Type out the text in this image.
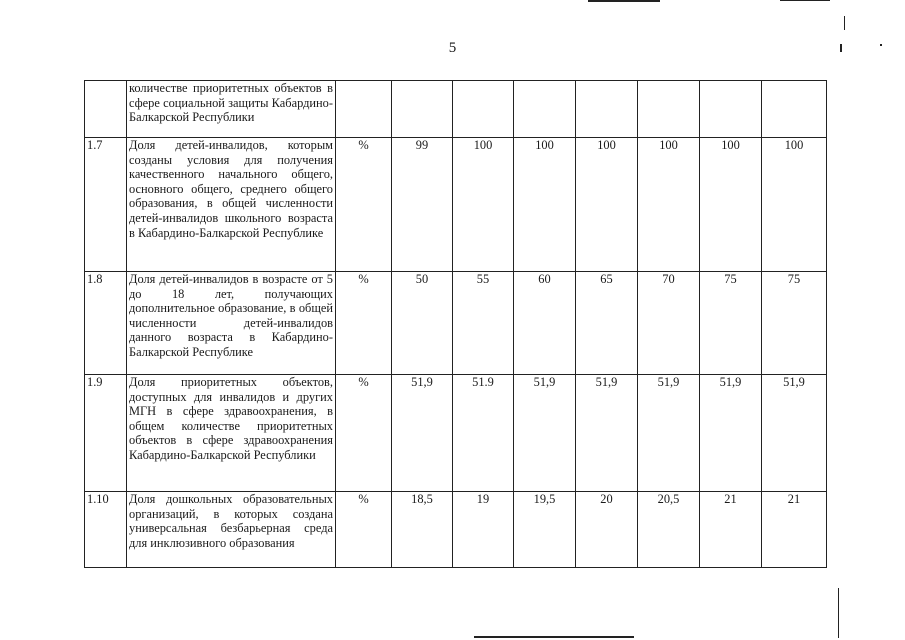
5
	количестве приоритетных объектов в сфере социальной защиты Кабардино-Балкарской Республики								
1.7	Доля детей-инвалидов, которым созданы условия для получения качественного начального общего, основного общего, среднего общего образования, в общей численности детей-инвалидов школьного возраста в Кабардино-Балкарской Республике	%	99	100	100	100	100	100	100
1.8	Доля детей-инвалидов в возрасте от 5 до 18 лет, получающих дополнительное образование, в общей численности детей-инвалидов данного возраста в Кабардино-Балкарской Республике	%	50	55	60	65	70	75	75
1.9	Доля приоритетных объектов, доступных для инвалидов и других МГН в сфере здравоохранения, в общем количестве приоритетных объектов в сфере здравоохранения Кабардино-Балкарской Республики	%	51,9	51.9	51,9	51,9	51,9	51,9	51,9
1.10	Доля дошкольных образовательных организаций, в которых создана универсальная безбарьерная среда для инклюзивного образования	%	18,5	19	19,5	20	20,5	21	21
